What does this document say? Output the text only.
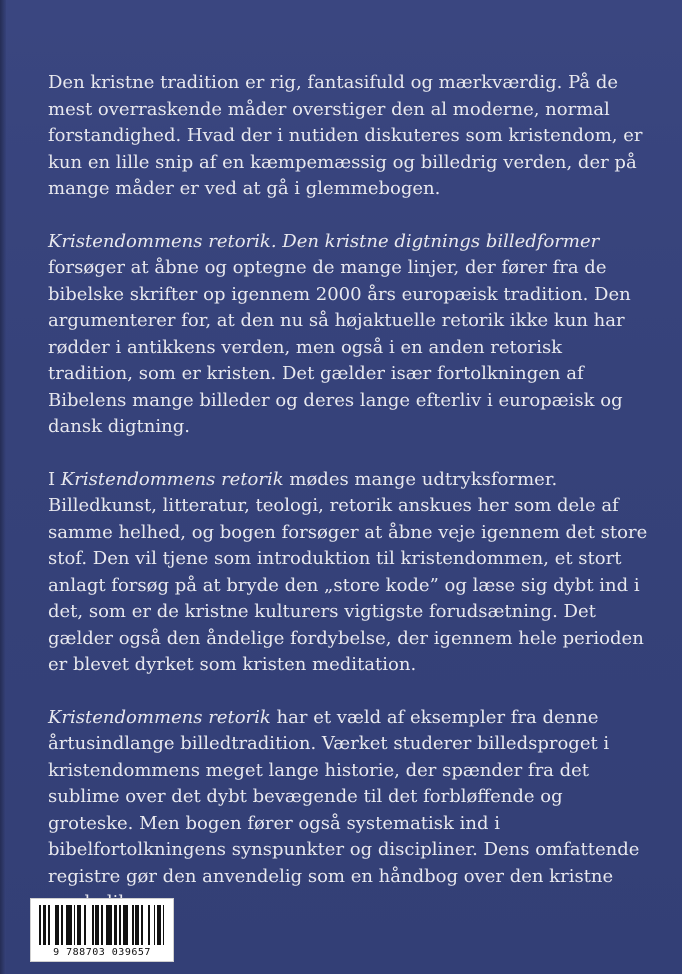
Den kristne tradition er rig, fantasifuld og mærkværdig. På de mest overraskende måder overstiger den al moderne, normal forstandighed. Hvad der i nutiden diskuteres som kristendom, er kun en lille snip af en kæmpemæssig og billedrig verden, der på mange måder er ved at gå i glemmebogen.

Kristendommens retorik. Den kristne digtnings billedformer forsøger at åbne og optegne de mange linjer, der fører fra de bibelske skrifter op igennem 2000 års europæisk tradition. Den argumenterer for, at den nu så højaktuelle retorik ikke kun har rødder i antikkens verden, men også i en anden retorisk tradition, som er kristen. Det gælder især fortolkningen af Bibelens mange billeder og deres lange efterliv i europæisk og dansk digtning.

I Kristendommens retorik mødes mange udtryksformer. Billedkunst, litteratur, teologi, retorik anskues her som dele af samme helhed, og bogen forsøger at åbne veje igennem det store stof. Den vil tjene som introduktion til kristendommen, et stort anlagt forsøg på at bryde den „store kode” og læse sig dybt ind i det, som er de kristne kulturers vigtigste forudsætning. Det gælder også den åndelige fordybelse, der igennem hele perioden er blevet dyrket som kristen meditation.

Kristendommens retorik har et væld af eksempler fra denne årtusindlange billedtradition. Værket studerer billedsproget i kristendommens meget lange historie, der spænder fra det sublime over det dybt bevægende til det forbløffende og groteske. Men bogen fører også systematisk ind i bibelfortolkningens synspunkter og discipliner. Dens omfattende registre gør den anvendelig som en håndbog over den kristne

9 788703 039657
